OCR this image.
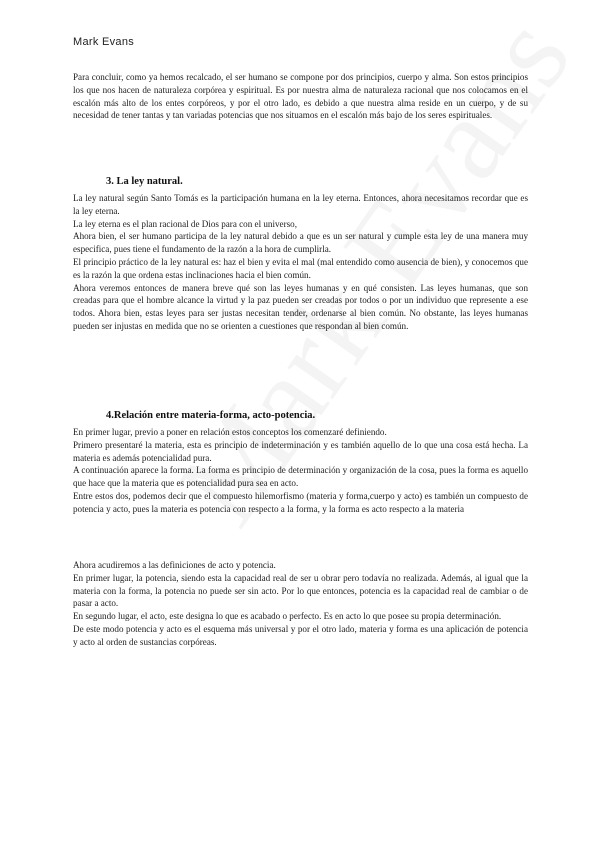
Mark Evans

Para concluir, como ya hemos recalcado, el ser humano se compone por dos principios, cuerpo y alma. Son estos principios los que nos hacen de naturaleza corpórea y espiritual. Es por nuestra alma de naturaleza racional que nos colocamos en el escalón más alto de los entes corpóreos, y por el otro lado, es debido a que nuestra alma reside en un cuerpo, y de su necesidad de tener tantas y tan variadas potencias que nos situamos en el escalón más bajo de los seres espirituales.

3. La ley natural.

La ley natural según Santo Tomás es la participación humana en la ley eterna. Entonces, ahora necesitamos recordar que es la ley eterna.

La ley eterna es el plan racional de Dios para con el universo,

Ahora bien, el ser humano participa de la ley natural debido a que es un ser natural y cumple esta ley de una manera muy especifica, pues tiene el fundamento de la razón a la hora de cumplirla.

El principio práctico de la ley natural es: haz el bien y evita el mal (mal entendido como ausencia de bien), y conocemos que es la razón la que ordena estas inclinaciones hacia el bien común.

Ahora veremos entonces de manera breve qué son las leyes humanas y en qué consisten. Las leyes humanas, que son creadas para que el hombre alcance la virtud y la paz pueden ser creadas por todos o por un individuo que represente a ese todos. Ahora bien, estas leyes para ser justas necesitan tender, ordenarse al bien común. No obstante, las leyes humanas pueden ser injustas en medida que no se orienten a cuestiones que respondan al bien común.

4.Relación entre materia-forma, acto-potencia.

En primer lugar, previo a poner en relación estos conceptos los comenzaré definiendo.

Primero presentaré la materia, esta es principio de indeterminación y es también aquello de lo que una cosa está hecha. La materia es además potencialidad pura.

A continuación aparece la forma. La forma es principio de determinación y organización de la cosa, pues la forma es aquello que hace que la materia que es potencialidad pura sea en acto.

Entre estos dos, podemos decir que el compuesto hilemorfismo (materia y forma,cuerpo y acto) es también un compuesto de potencia y acto, pues la materia es potencia con respecto a la forma, y la forma es acto respecto a la materia

Ahora acudiremos a las definiciones de acto y potencia.

En primer lugar, la potencia, siendo esta la capacidad real de ser u obrar pero todavía no realizada. Además, al igual que la materia con la forma, la potencia no puede ser sin acto. Por lo que entonces, potencia es la capacidad real de cambiar o de pasar a acto.

En segundo lugar, el acto, este designa lo que es acabado o perfecto. Es en acto lo que posee su propia determinación.

De este modo potencia y acto es el esquema más universal y por el otro lado, materia y forma es una aplicación de potencia y acto al orden de sustancias corpóreas.
